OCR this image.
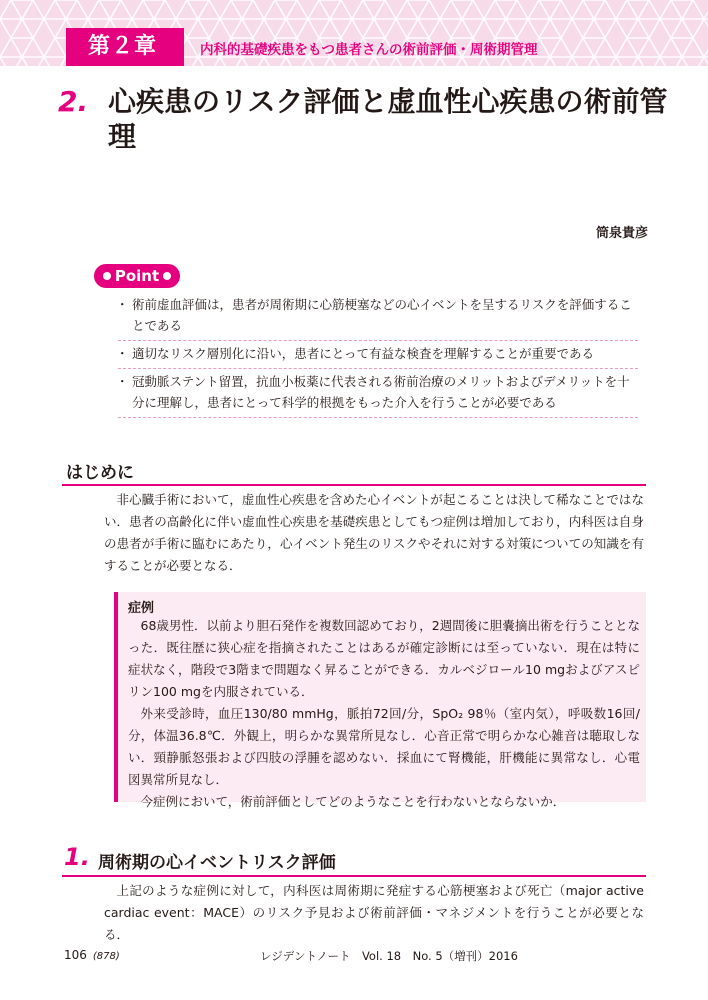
第２章	内科的基礎疾患をもつ患者さんの術前評価・周術期管理
2. 心疾患のリスク評価と虚血性心疾患の術前管理
筒泉貴彦
Point
・ 術前虚血評価は，患者が周術期に心筋梗塞などの心イベントを呈するリスクを評価することである
・ 適切なリスク層別化に沿い，患者にとって有益な検査を理解することが重要である
・ 冠動脈ステント留置，抗血小板薬に代表される術前治療のメリットおよびデメリットを十分に理解し，患者にとって科学的根拠をもった介入を行うことが必要である
はじめに

非心臓手術において，虚血性心疾患を含めた心イベントが起こることは決して稀なことではない．患者の高齢化に伴い虚血性心疾患を基礎疾患としてもつ症例は増加しており，内科医は自身の患者が手術に臨むにあたり，心イベント発生のリスクやそれに対する対策についての知識を有することが必要となる．

症例

68歳男性．以前より胆石発作を複数回認めており，2週間後に胆嚢摘出術を行うこととなった．既往歴に狭心症を指摘されたことはあるが確定診断には至っていない．現在は特に症状なく，階段で3階まで問題なく昇ることができる．カルベジロール10 mgおよびアスピリン100 mgを内服されている．

外来受診時，血圧130/80 mmHg，脈拍72回/分，SpO₂ 98％（室内気），呼吸数16回/分，体温36.8℃．外観上，明らかな異常所見なし．心音正常で明らかな心雑音は聴取しない．頸静脈怒張および四肢の浮腫を認めない．採血にて腎機能，肝機能に異常なし．心電図異常所見なし．

今症例において，術前評価としてどのようなことを行わないとならないか．

1. 周術期の心イベントリスク評価

上記のような症例に対して，内科医は周術期に発症する心筋梗塞および死亡（major active cardiac event：MACE）のリスク予見および術前評価・マネジメントを行うことが必要となる．

106 (878)	レジデントノート　Vol. 18　No. 5（増刊）2016
